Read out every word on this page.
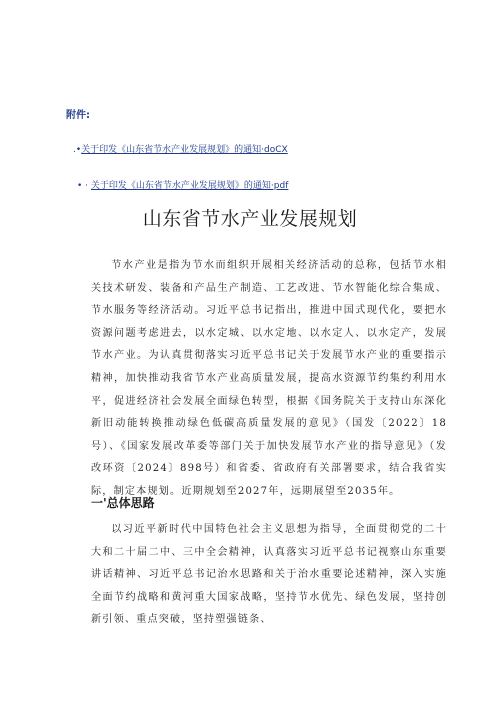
附件:
.•关于印发《山东省节水产业发展规划》的通知·doCX
• · 关于印发《山东省节水产业发展规划》的通知·pdf
山东省节水产业发展规划

节水产业是指为节水而组织开展相关经济活动的总称，包括节水相关技术研发、装备和产品生产制造、工艺改进、节水智能化综合集成、节水服务等经济活动。习近平总书记指出，推进中国式现代化，要把水资源问题考虑进去，以水定城、以水定地、以水定人、以水定产，发展节水产业。为认真贯彻落实习近平总书记关于发展节水产业的重要指示精神，加快推动我省节水产业高质量发展，提高水资源节约集约利用水平，促进经济社会发展全面绿色转型，根据《国务院关于支持山东深化新旧动能转换推动绿色低碳高质量发展的意见》（国发〔2022〕18号）、《国家发展改革委等部门关于加快发展节水产业的指导意见》（发改环资〔2024〕898号）和省委、省政府有关部署要求，结合我省实际，制定本规划。近期规划至2027年，远期展望至2035年。

一'总体思路

以习近平新时代中国特色社会主义思想为指导，全面贯彻党的二十大和二十届二中、三中全会精神，认真落实习近平总书记视察山东重要讲话精神、习近平总书记治水思路和关于治水重要论述精神，深入实施全面节约战略和黄河重大国家战略，坚持节水优先、绿色发展，坚持创新引领、重点突破，坚持塑强链条、
